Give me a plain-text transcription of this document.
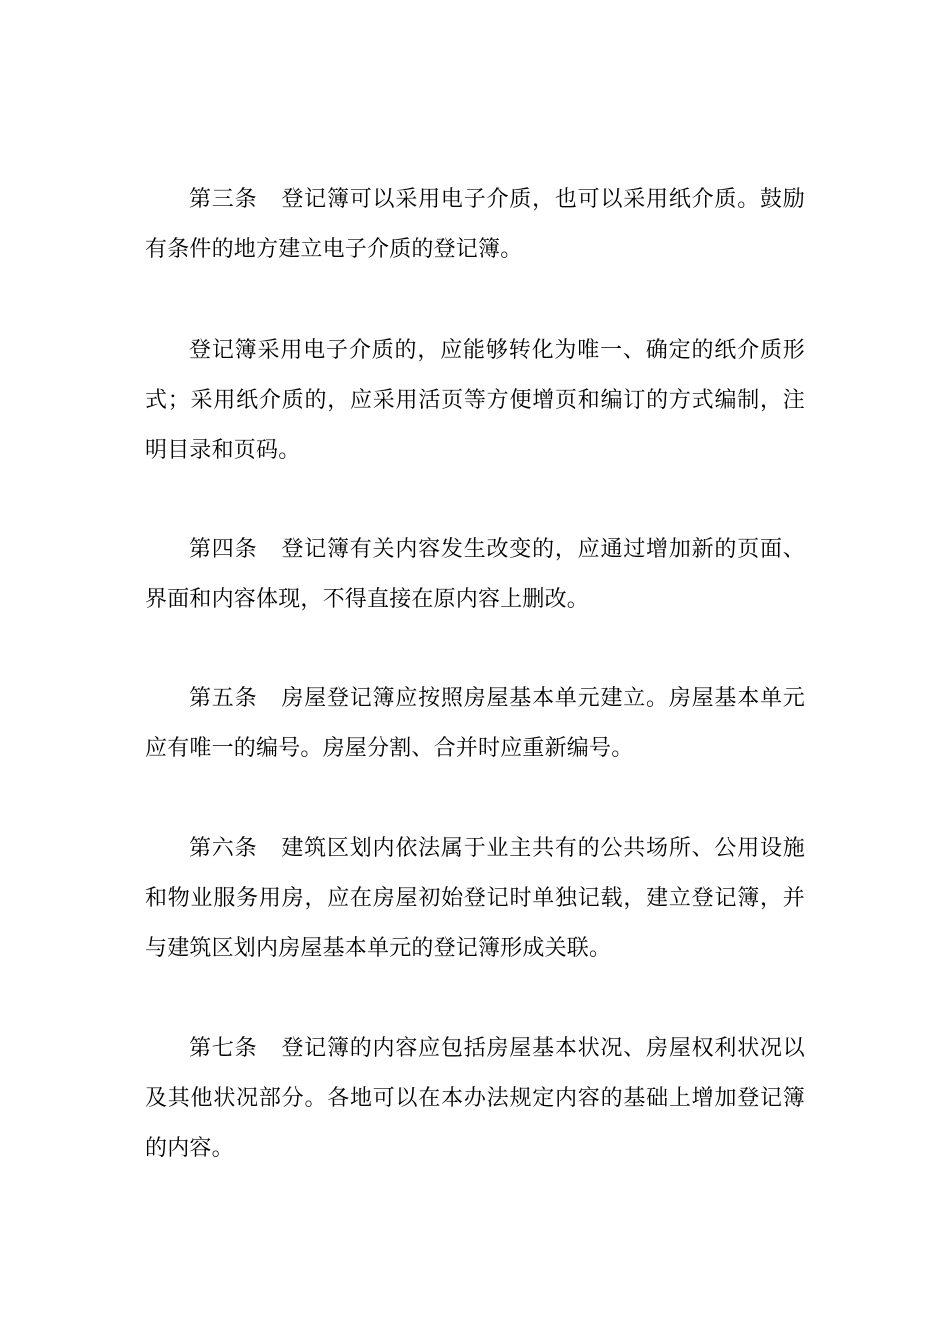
第三条 登记簿可以采用电子介质，也可以采用纸介质。鼓励有条件的地方建立电子介质的登记簿。

登记簿采用电子介质的，应能够转化为唯一、确定的纸介质形式；采用纸介质的，应采用活页等方便增页和编订的方式编制，注明目录和页码。

第四条 登记簿有关内容发生改变的，应通过增加新的页面、界面和内容体现，不得直接在原内容上删改。

第五条 房屋登记簿应按照房屋基本单元建立。房屋基本单元应有唯一的编号。房屋分割、合并时应重新编号。

第六条 建筑区划内依法属于业主共有的公共场所、公用设施和物业服务用房，应在房屋初始登记时单独记载，建立登记簿，并与建筑区划内房屋基本单元的登记簿形成关联。

第七条 登记簿的内容应包括房屋基本状况、房屋权利状况以及其他状况部分。各地可以在本办法规定内容的基础上增加登记簿的内容。
